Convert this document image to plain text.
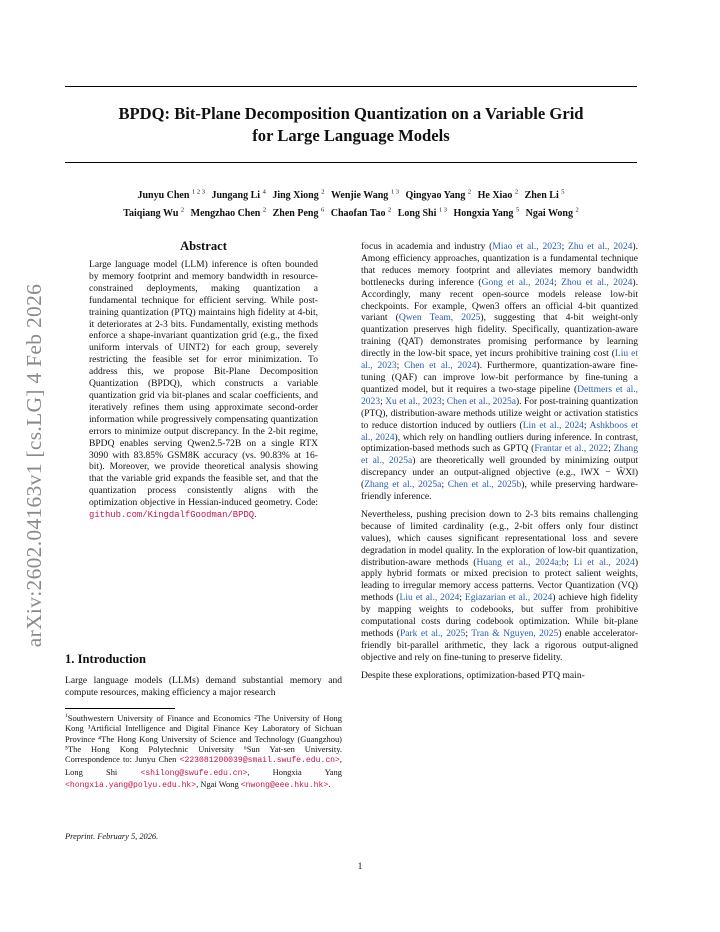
arXiv:2602.04163v1 [cs.LG] 4 Feb 2026
BPDQ: Bit-Plane Decomposition Quantization on a Variable Grid
for Large Language Models
Junyu Chen $^{1 2 3}$ Jungang Li $^4$ Jing Xiong $^2$ Wenjie Wang $^{1 3}$ Qingyao Yang $^2$ He Xiao $^2$ Zhen Li $^5$
Taiqiang Wu $^2$ Mengzhao Chen $^2$ Zhen Peng $^6$ Chaofan Tao $^2$ Long Shi $^{1 3}$ Hongxia Yang $^5$ Ngai Wong $^2$
Abstract
Large language model (LLM) inference is often bounded by memory footprint and memory bandwidth in resource-constrained deployments, making quantization a fundamental technique for efficient serving. While post-training quantization (PTQ) maintains high fidelity at 4-bit, it deteriorates at 2-3 bits. Fundamentally, existing methods enforce a shape-invariant quantization grid (e.g., the fixed uniform intervals of UINT2) for each group, severely restricting the feasible set for error minimization. To address this, we propose Bit-Plane Decomposition Quantization (BPDQ), which constructs a variable quantization grid via bit-planes and scalar coefficients, and iteratively refines them using approximate second-order information while progressively compensating quantization errors to minimize output discrepancy. In the 2-bit regime, BPDQ enables serving Qwen2.5-72B on a single RTX 3090 with 83.85% GSM8K accuracy (vs. 90.83% at 16-bit). Moreover, we provide theoretical analysis showing that the variable grid expands the feasible set, and that the quantization process consistently aligns with the optimization objective in Hessian-induced geometry. Code: github.com/KingdalfGoodman/BPDQ.
1. Introduction

Large language models (LLMs) demand substantial memory and compute resources, making efficiency a major research

$^1$Southwestern University of Finance and Economics ²The University of Hong Kong ³Artificial Intelligence and Digital Finance Key Laboratory of Sichuan Province ⁴The Hong Kong University of Science and Technology (Guangzhou) ⁵The Hong Kong Polytechnic University ⁶Sun Yat-sen University. Correspondence to: Junyu Chen <223081200039@smail.swufe.edu.cn>, Long Shi	<shilong@swufe.edu.cn>, Hongxia Yang <hongxia.yang@polyu.edu.hk>, Ngai Wong <nwong@eee.hku.hk>.

Preprint. February 5, 2026.

focus in academia and industry (Miao et al., 2023; Zhu et al., 2024). Among efficiency approaches, quantization is a fundamental technique that reduces memory footprint and alleviates memory bandwidth bottlenecks during inference (Gong et al., 2024; Zhou et al., 2024). Accordingly, many recent open-source models release low-bit checkpoints. For example, Qwen3 offers an official 4-bit quantized variant (Qwen Team, 2025), suggesting that 4-bit weight-only quantization preserves high fidelity. Specifically, quantization-aware training (QAT) demonstrates promising performance by learning directly in the low-bit space, yet incurs prohibitive training cost (Liu et al., 2023; Chen et al., 2024). Furthermore, quantization-aware fine-tuning (QAF) can improve low-bit performance by fine-tuning a quantized model, but it requires a two-stage pipeline (Dettmers et al., 2023; Xu et al., 2023; Chen et al., 2025a). For post-training quantization (PTQ), distribution-aware methods utilize weight or activation statistics to reduce distortion induced by outliers (Lin et al., 2024; Ashkboos et al., 2024), which rely on handling outliers during inference. In contrast, optimization-based methods such as GPTQ (Frantar et al., 2022; Zhang et al., 2025a) are theoretically well grounded by minimizing output discrepancy under an output-aligned objective (e.g., ‖WX − ŴX‖) (Zhang et al., 2025a; Chen et al., 2025b), while preserving hardware-friendly inference.

Nevertheless, pushing precision down to 2-3 bits remains challenging because of limited cardinality (e.g., 2-bit offers only four distinct values), which causes significant representational loss and severe degradation in model quality. In the exploration of low-bit quantization, distribution-aware methods (Huang et al., 2024a;b; Li et al., 2024) apply hybrid formats or mixed precision to protect salient weights, leading to irregular memory access patterns. Vector Quantization (VQ) methods (Liu et al., 2024; Egiazarian et al., 2024) achieve high fidelity by mapping weights to codebooks, but suffer from prohibitive computational costs during codebook optimization. While bit-plane methods (Park et al., 2025; Tran & Nguyen, 2025) enable accelerator-friendly bit-parallel arithmetic, they lack a rigorous output-aligned objective and rely on fine-tuning to preserve fidelity.

Despite these explorations, optimization-based PTQ main-

1
